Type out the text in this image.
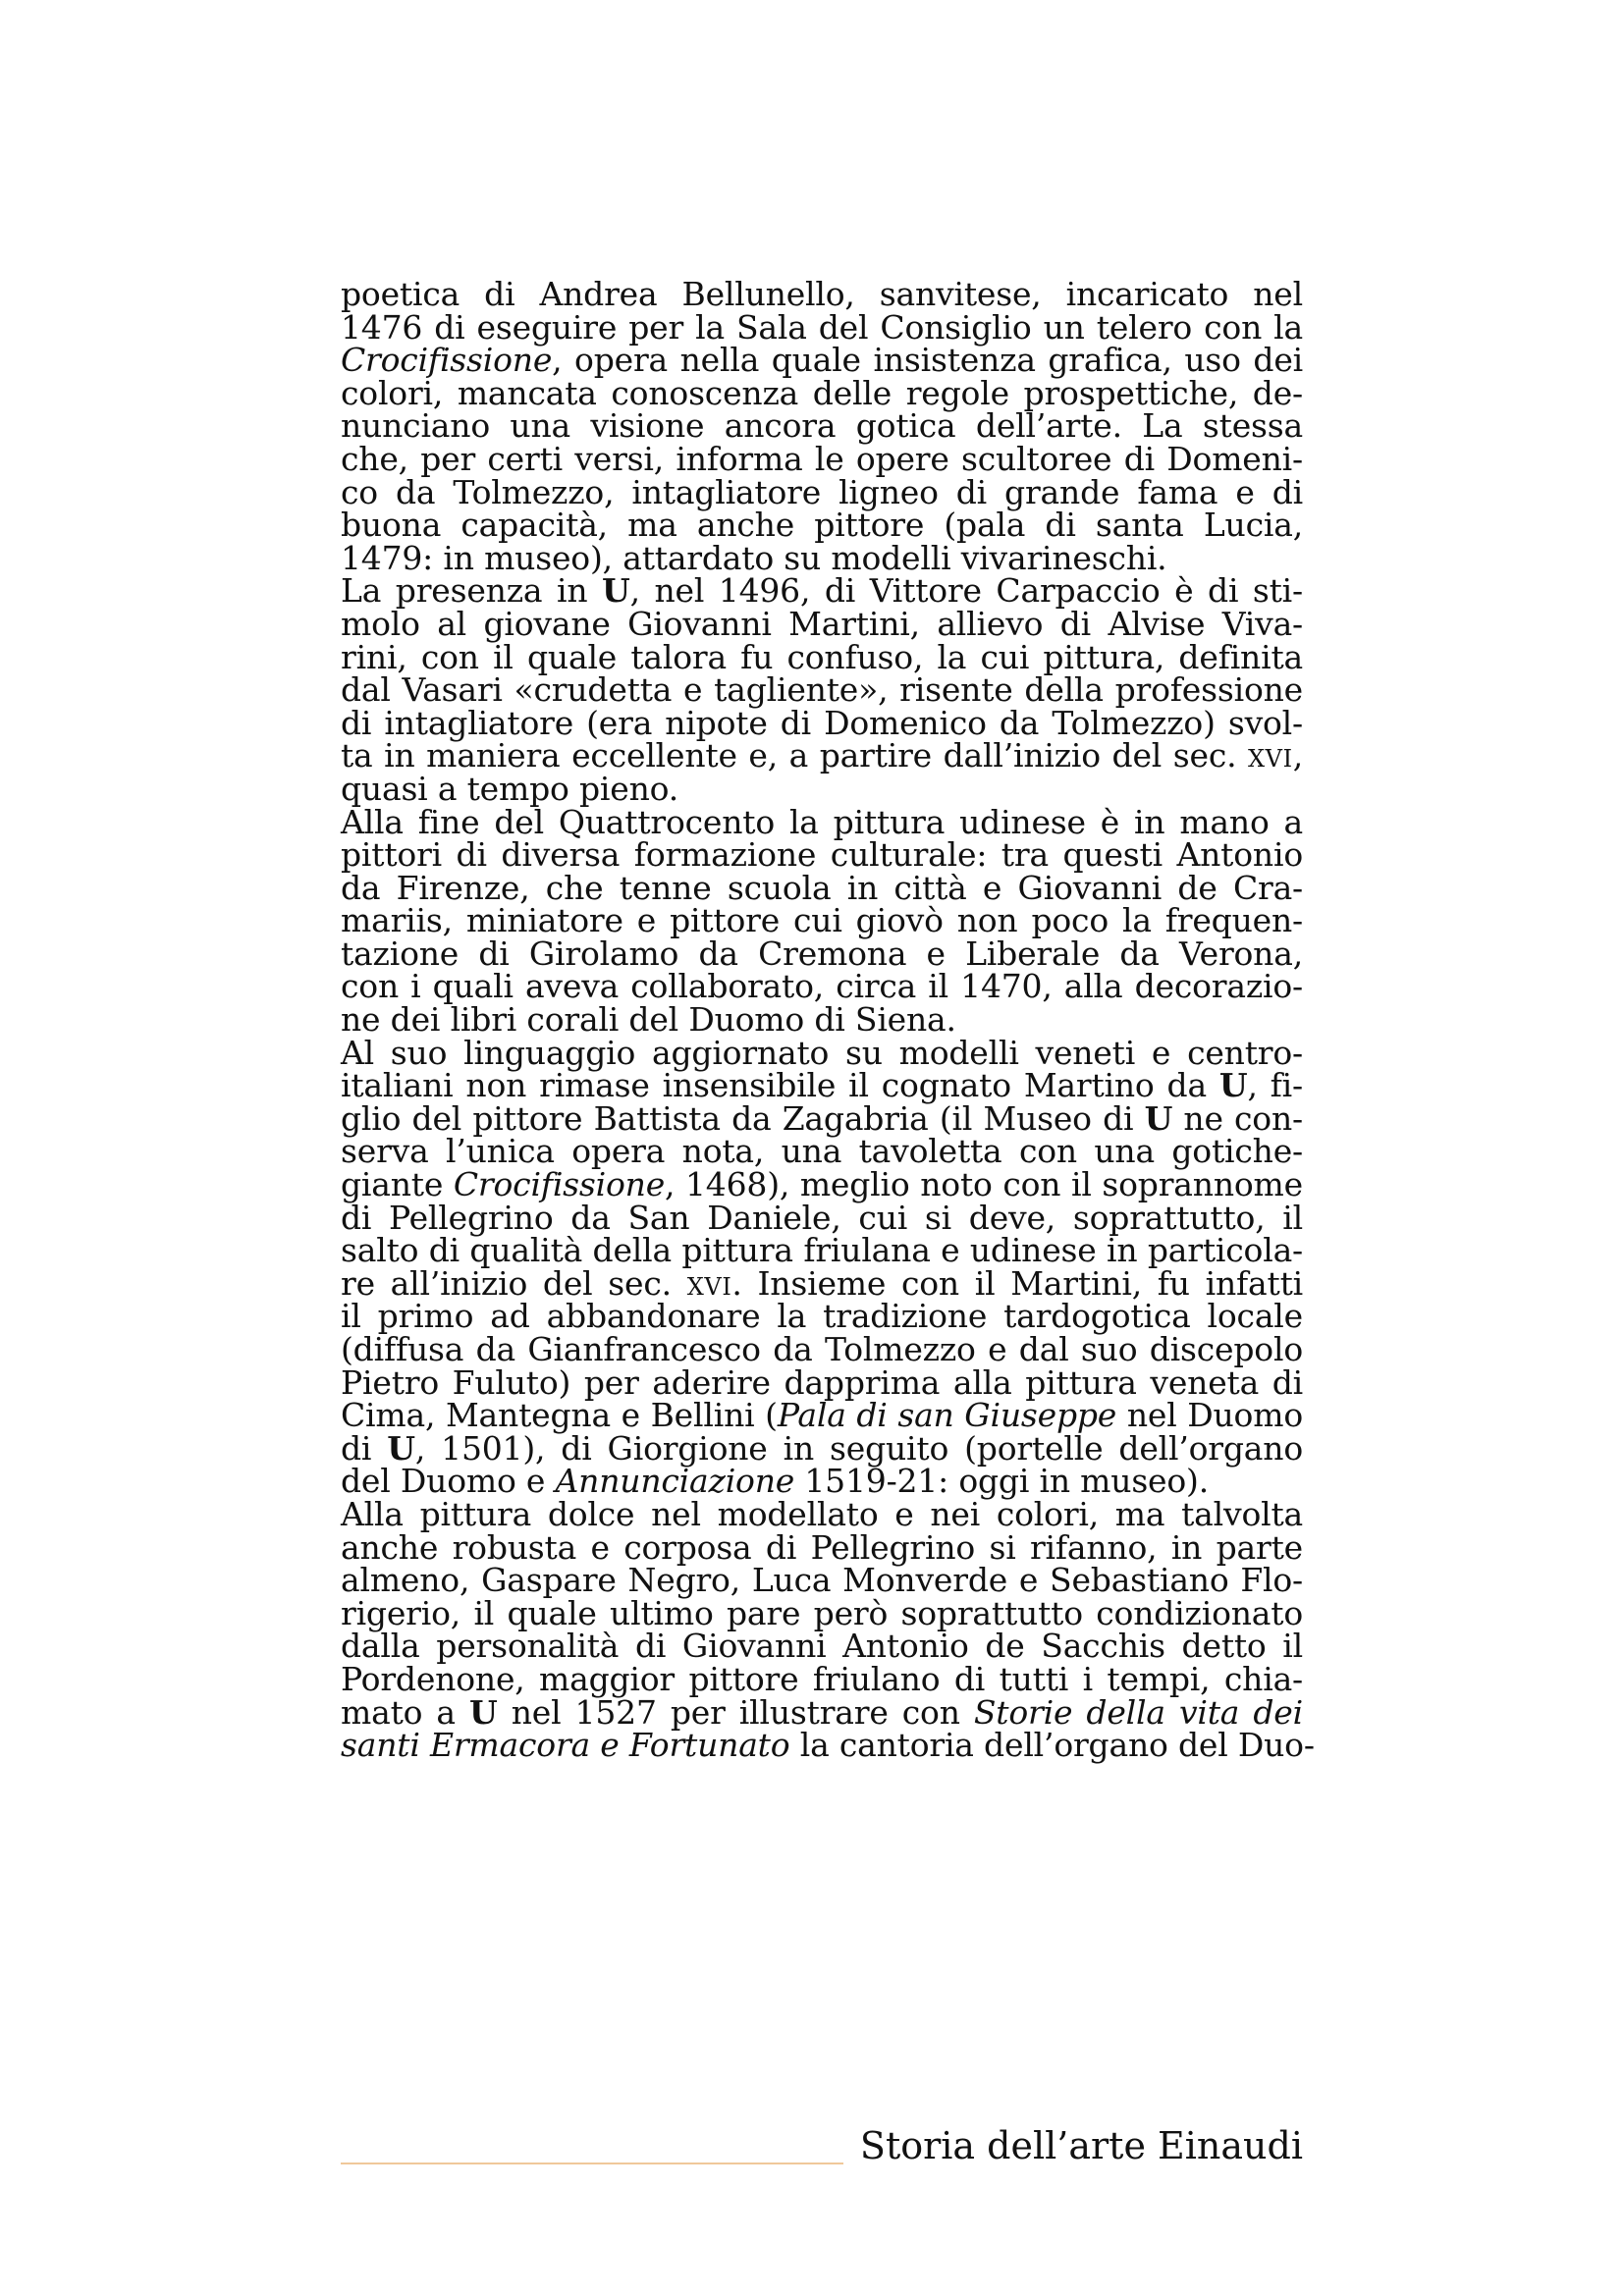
poetica di Andrea Bellunello, sanvitese, incaricato nel
1476 di eseguire per la Sala del Consiglio un telero con la
Crocifissione, opera nella quale insistenza grafica, uso dei
colori, mancata conoscenza delle regole prospettiche, de-
nunciano una visione ancora gotica dell’arte. La stessa
che, per certi versi, informa le opere scultoree di Domeni-
co da Tolmezzo, intagliatore ligneo di grande fama e di
buona capacità, ma anche pittore (pala di santa Lucia,
1479: in museo), attardato su modelli vivarineschi.
La presenza in U, nel 1496, di Vittore Carpaccio è di sti-
molo al giovane Giovanni Martini, allievo di Alvise Viva-
rini, con il quale talora fu confuso, la cui pittura, definita
dal Vasari «crudetta e tagliente», risente della professione
di intagliatore (era nipote di Domenico da Tolmezzo) svol-
ta in maniera eccellente e, a partire dall’inizio del sec. XVI,
quasi a tempo pieno.
Alla fine del Quattrocento la pittura udinese è in mano a
pittori di diversa formazione culturale: tra questi Antonio
da Firenze, che tenne scuola in città e Giovanni de Cra-
mariis, miniatore e pittore cui giovò non poco la frequen-
tazione di Girolamo da Cremona e Liberale da Verona,
con i quali aveva collaborato, circa il 1470, alla decorazio-
ne dei libri corali del Duomo di Siena.
Al suo linguaggio aggiornato su modelli veneti e centro-
italiani non rimase insensibile il cognato Martino da U, fi-
glio del pittore Battista da Zagabria (il Museo di U ne con-
serva l’unica opera nota, una tavoletta con una gotiche-
giante Crocifissione, 1468), meglio noto con il soprannome
di Pellegrino da San Daniele, cui si deve, soprattutto, il
salto di qualità della pittura friulana e udinese in particola-
re all’inizio del sec. XVI. Insieme con il Martini, fu infatti
il primo ad abbandonare la tradizione tardogotica locale
(diffusa da Gianfrancesco da Tolmezzo e dal suo discepolo
Pietro Fuluto) per aderire dapprima alla pittura veneta di
Cima, Mantegna e Bellini (Pala di san Giuseppe nel Duomo
di U, 1501), di Giorgione in seguito (portelle dell’organo
del Duomo e Annunciazione 1519-21: oggi in museo).
Alla pittura dolce nel modellato e nei colori, ma talvolta
anche robusta e corposa di Pellegrino si rifanno, in parte
almeno, Gaspare Negro, Luca Monverde e Sebastiano Flo-
rigerio, il quale ultimo pare però soprattutto condizionato
dalla personalità di Giovanni Antonio de Sacchis detto il
Pordenone, maggior pittore friulano di tutti i tempi, chia-
mato a U nel 1527 per illustrare con Storie della vita dei
santi Ermacora e Fortunato la cantoria dell’organo del Duo-
Storia dell’arte Einaudi
